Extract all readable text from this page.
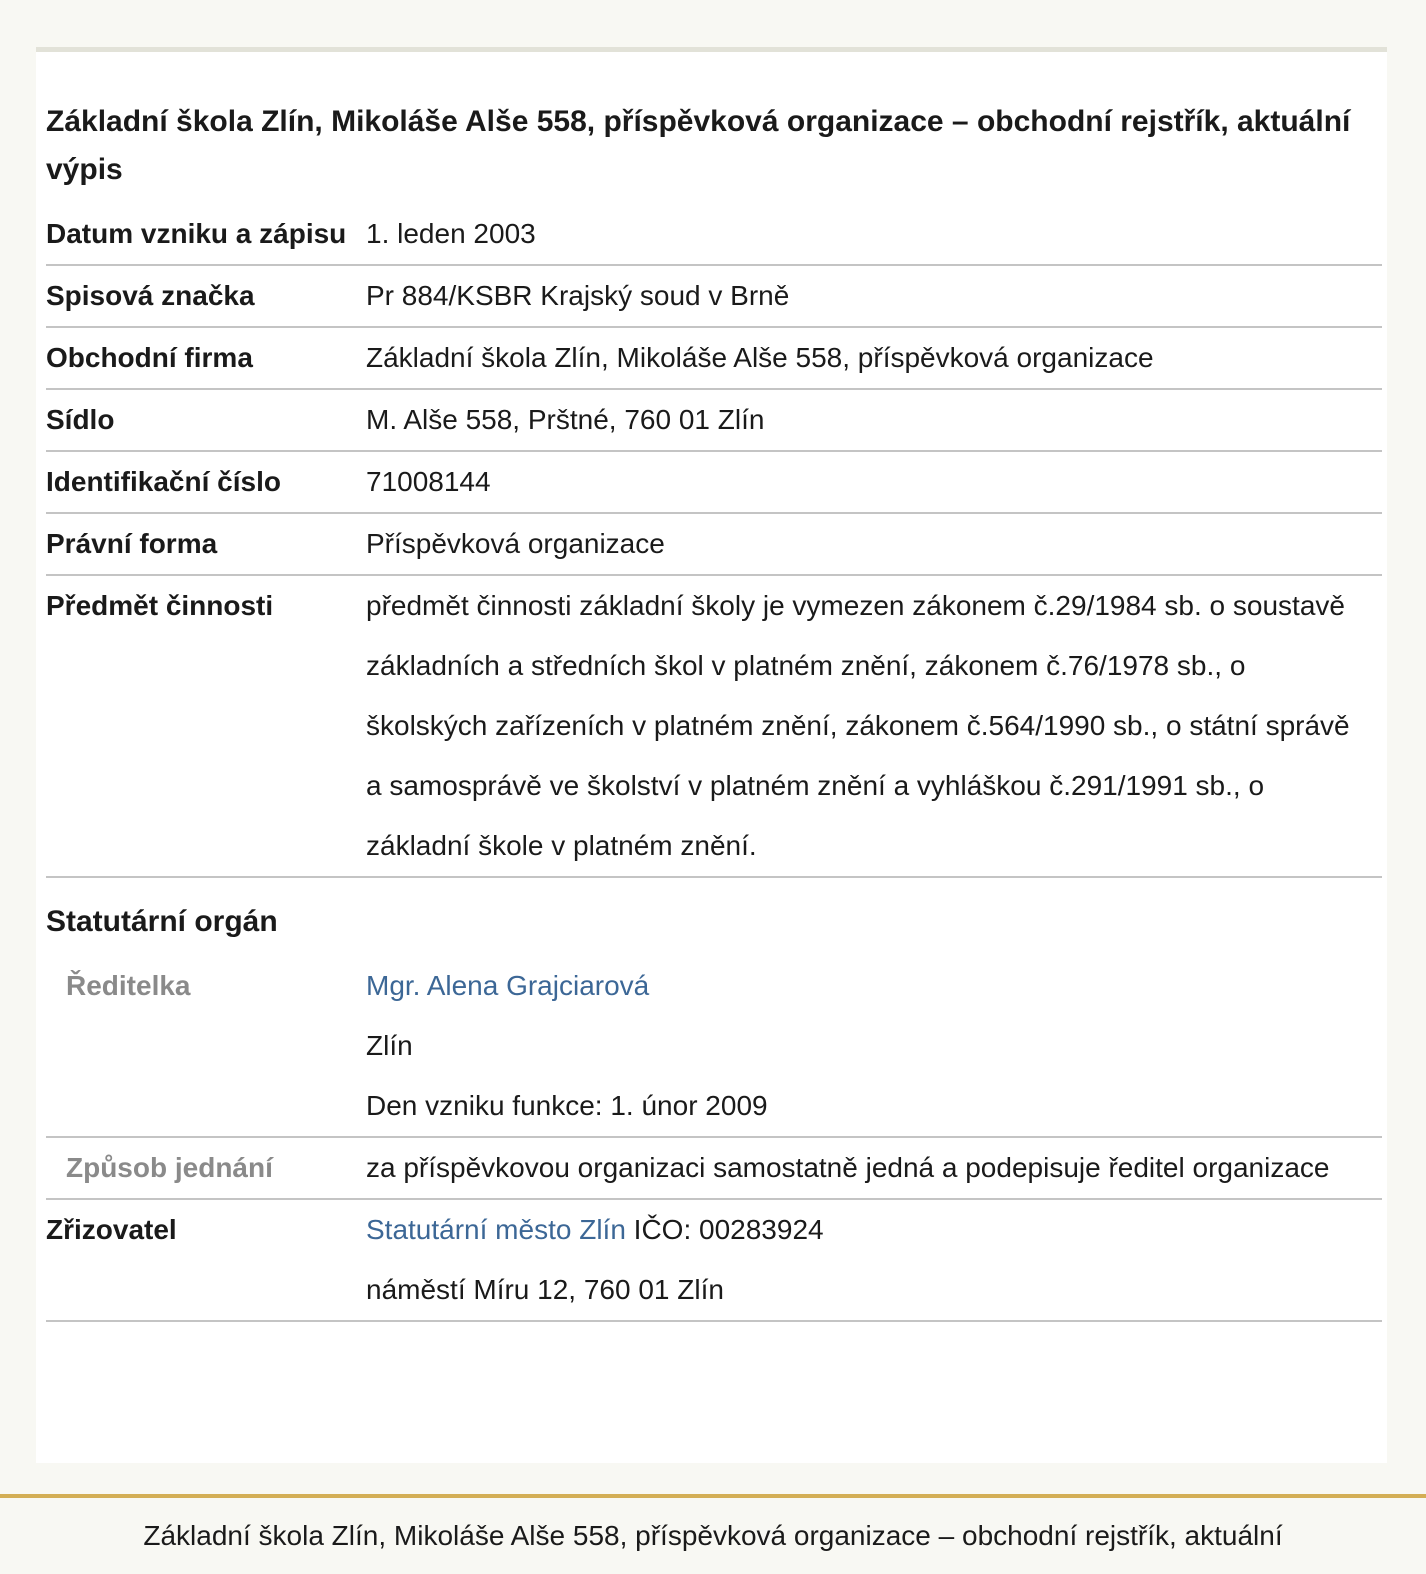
Základní škola Zlín, Mikoláše Alše 558, příspěvková organizace – obchodní rejstřík, aktuální výpis
Datum vzniku a zápisu 1. leden 2003
Spisová značka	Pr 884/KSBR Krajský soud v Brně
Obchodní firma	Základní škola Zlín, Mikoláše Alše 558, příspěvková organizace
Sídlo	M. Alše 558, Prštné, 760 01 Zlín
Identifikační číslo	71008144
Právní forma	Příspěvková organizace
Předmět činnosti	předmět činnosti základní školy je vymezen zákonem č.29/1984 sb. o soustavě základních a středních škol v platném znění, zákonem č.76/1978 sb., o školských zařízeních v platném znění, zákonem č.564/1990 sb., o státní správě a samosprávě ve školství v platném znění a vyhláškou č.291/1991 sb., o základní škole v platném znění.
Statutární orgán
Ředitelka	Mgr. Alena Grajciarová
Zlín
Den vzniku funkce: 1. únor 2009
Způsob jednání	za příspěvkovou organizaci samostatně jedná a podepisuje ředitel organizace
Zřizovatel	Statutární město Zlín IČO: 00283924
náměstí Míru 12, 760 01 Zlín
Základní škola Zlín, Mikoláše Alše 558, příspěvková organizace – obchodní rejstřík, aktuální
